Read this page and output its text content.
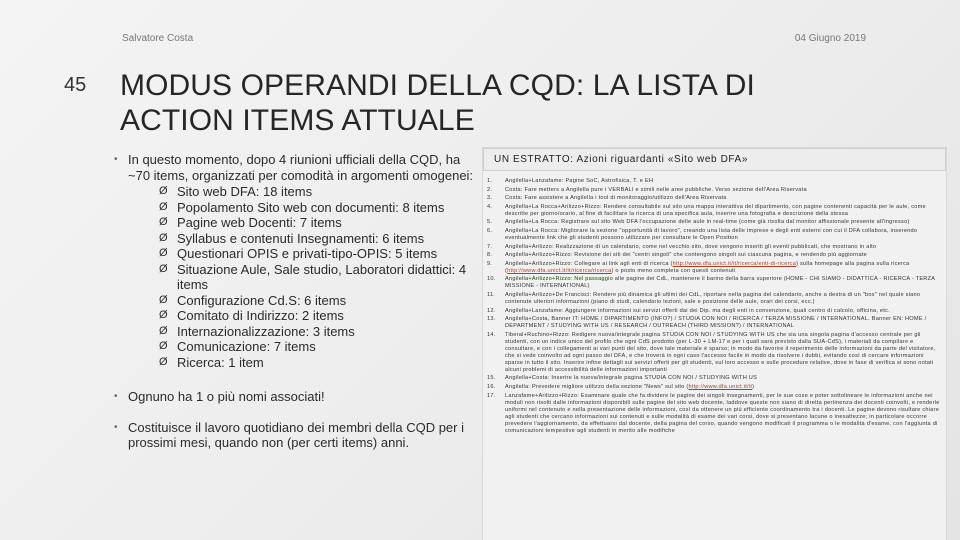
Salvatore Costa	04 Giugno 2019
45 MODUS OPERANDI DELLA CQD: LA LISTA DI
ACTION ITEMS ATTUALE
• In questo momento, dopo 4 riunioni ufficiali della CQD, ha ~70 items, organizzati per comodità in argomenti omogenei:
Ø Sito web DFA: 18 items
Ø Popolamento Sito web con documenti: 8 items
Ø Pagine web Docenti: 7 items
Ø Syllabus e contenuti Insegnamenti: 6 items
Ø Questionari OPIS e privati-tipo-OPIS: 5 items
Ø Situazione Aule, Sale studio, Laboratori didattici: 4 items
Ø Configurazione Cd.S: 6 items
Ø Comitato di Indirizzo: 2 items
Ø Internazionalizzazione: 3 items
Ø Comunicazione: 7 items
Ø Ricerca: 1 item
• Ognuno ha 1 o più nomi associati!
• Costituisce il lavoro quotidiano dei membri della CQD per i prossimi mesi, quando non (per certi items) anni.
UN ESTRATTO: Azioni riguardanti «Sito web DFA»
1.	Angilella+Lanzafame: Pagine SoC, Astrofisica, T. e EH
2.	Costa: Fare metters a Angilella pure i VERBALI e simili nelle aree pubbliche. Verso sezione dell'Area Riservata
3.	Costa: Fare assistere a Angilella i tool di monitoraggio/utilizzo dell'Area Riservata
4.	Angilella+La Rocca+Arilizzo+Rizzo: Rendere consultabile sul sito una mappa interattiva del dipartimento, con pagine contenenti capacità per le aule, come descritte per giorno/orario, al fine di facilitare la ricerca di una specifica aula, inserire una fotografia e descrizione della stessa
5.	Angilella+La Rocca: Registrare sul sito Web DFA l'occupazione delle aule in real-time (come già risolta dal monitor affissionale presente all'ingresso)
6.	Angilella+La Rocca: Migliorare la sezione "opportunità di lavoro", creando una lista delle imprese e degli enti esterni con cui il DFA collabora, inserendo eventualmente link che gli studenti possono utilizzare per consultare le Open Position
7.	Angilella+Arilizzo: Realizzazione di un calendario, come nel vecchio sito, dove vengono inseriti gli eventi pubblicati, che mostrano in alto
8.	Angilella+Arilizzo+Rizzo: Revisione dei siti dei "centri singoli" che contengono singoli sui ciascuna pagina, e rendendo più aggiornate
9.	Angilella+Arilizzo+Rizzo: Collegare ai link agli enti di ricerca (http://www.dfa.unict.it/it/ricerca/enti-di-ricerca) sulla homepage alla pagina sulla ricerca (http://www.dfa.unict.it/it/ricerca/ricerca) o posto meno completa con questi contenuti
10.	Angilella+Arilizzo+Rizzo: Nel passaggio alle pagine dei CdL, mantenere il barino della barra superiore (HOME - CHI SIAMO - DIDATTICA - RICERCA - TERZA MISSIONE - INTERNATIONAL)
11.	Angilella+Arilizzo+De Francisci: Rendere più dinamica gli ultimi dei CdL, riportare nella pagina del calendario, anche a destra di un "box" nel quale siano contenute ulteriori informazioni (piano di studi, calendario lezioni, sale e posizione delle aule, orari dei corsi, ecc.)
12.	Angilella+Lanzafame: Aggiungere informazioni sui servizi offerti dai dei Dip. ma degli enti in convenzione, quali centro di calcolo, officina, etc.
13.	Angilella+Costa, Banner IT: HOME / DIPARTIMENTO (INFO?) / STUDIA CON NOI / RICERCA / TERZA MISSIONE / INTERNATIONAL. Banner EN: HOME / DEPARTMENT / STUDYING WITH US / RESEARCH / OUTREACH (THIRD MISSION?) / INTERNATIONAL
14.	Tiberal+Ruchino+Rizzo: Redigere nuova/integrale pagina STUDIA CON NOI / STUDYING WITH US che sia una singola pagina d'accesso centrale per gli studenti, con un indice unico del profilo che ogni CdS prodotto (per L-30 + LM-17 e per i quali sarà previsto dalla SUA-CdS), i materiali da compilare e consultare, e con i collegamenti ai vari punti del sito, dove tale materiale è sparso; in modo da favorire il reperimento delle informazioni da parte del visitatore, che si vede coinvolto ad ogni passo del DFA, e che troverà in ogni caso l'accesso facile in modo da risolvere i dubbi, evitando così di cercare informazioni sparse in tutto il sito. Inserire infine dettagli sui servizi offerti per gli studenti, sul loro accesso e sulle procedure relative, dove in fase di verifica si sono notati alcuni problemi di accessibilità delle informazioni importanti
15.	Angilella+Costa: Inserire la nuova/integrale pagina STUDIA CON NOI / STUDYING WITH US
16.	Angilella: Prevedere migliore utilizzo della sezione "News" sul sito (http://www.dfa.unict.it/it)
17.	Lanzafame+Arilizzo+Rizzo: Esaminare quale che fa dividere le pagine dei singoli insegnamenti, per le sue cose e poter sottolineare le informazioni anche nei moduli non risolti dalle informazioni disponibili sulle pagine del sito web docente, laddove queste non siano di diretta pertinenza dei docenti coinvolti, e renderle uniformi nel contenuto e nella presentazione delle informazioni, così da ottenere un più efficiente coordinamento tra i docenti. Le pagine devono risultare chiare agli studenti che cercano informazioni sui contenuti e sulle modalità di esame dei vari corsi, dove si presentano lacune o inesattezze; in particolare occorre prevedere l'aggiornamento, da effettuarsi dal docente, della pagina del corso, quando vengono modificati il programma o le modalità d'esame, con l'aggiunta di comunicazioni tempestive agli studenti in merito alle modifiche
